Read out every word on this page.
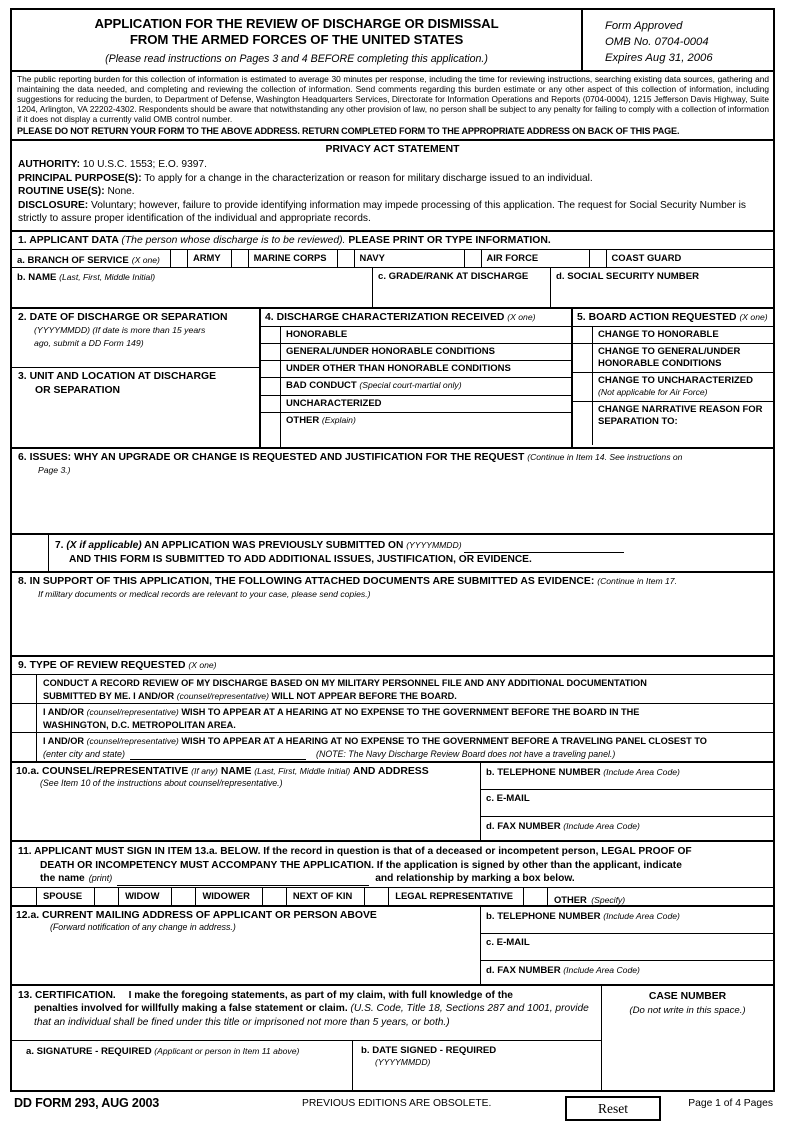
APPLICATION FOR THE REVIEW OF DISCHARGE OR DISMISSAL
FROM THE ARMED FORCES OF THE UNITED STATES
(Please read instructions on Pages 3 and 4 BEFORE completing this application.)
Form Approved
OMB No. 0704-0004
Expires Aug 31, 2006

The public reporting burden for this collection of information is estimated to average 30 minutes per response, including the time for reviewing instructions, searching existing data sources, gathering and maintaining the data needed, and completing and reviewing the collection of information. Send comments regarding this burden estimate or any other aspect of this collection of information, including suggestions for reducing the burden, to Department of Defense, Washington Headquarters Services, Directorate for Information Operations and Reports (0704-0004), 1215 Jefferson Davis Highway, Suite 1204, Arlington, VA 22202-4302. Respondents should be aware that notwithstanding any other provision of law, no person shall be subject to any penalty for failing to comply with a collection of information if it does not display a currently valid OMB control number.

PLEASE DO NOT RETURN YOUR FORM TO THE ABOVE ADDRESS. RETURN COMPLETED FORM TO THE APPROPRIATE ADDRESS ON BACK OF THIS PAGE.

PRIVACY ACT STATEMENT

AUTHORITY: 10 U.S.C. 1553; E.O. 9397.

PRINCIPAL PURPOSE(S): To apply for a change in the characterization or reason for military discharge issued to an individual.

ROUTINE USE(S): None.

DISCLOSURE: Voluntary; however, failure to provide identifying information may impede processing of this application. The request for Social Security Number is strictly to assure proper identification of the individual and appropriate records.

1. APPLICANT DATA (The person whose discharge is to be reviewed). PLEASE PRINT OR TYPE INFORMATION.
a. BRANCH OF SERVICE (X one)	ARMY	MARINE CORPS	NAVY	AIR FORCE	COAST GUARD
b. NAME (Last, First, Middle Initial)	c. GRADE/RANK AT DISCHARGE	d. SOCIAL SECURITY NUMBER
2. DATE OF DISCHARGE OR SEPARATION
(YYYYMMDD) (If date is more than 15 years
ago, submit a DD Form 149)
3. UNIT AND LOCATION AT DISCHARGE
OR SEPARATION
4. DISCHARGE CHARACTERIZATION RECEIVED (X one)
HONORABLE
GENERAL/UNDER HONORABLE CONDITIONS
UNDER OTHER THAN HONORABLE CONDITIONS
BAD CONDUCT (Special court-martial only)
UNCHARACTERIZED
OTHER (Explain)
5. BOARD ACTION REQUESTED (X one)
CHANGE TO HONORABLE
CHANGE TO GENERAL/UNDER
HONORABLE CONDITIONS
CHANGE TO UNCHARACTERIZED
(Not applicable for Air Force)
CHANGE NARRATIVE REASON FOR
SEPARATION TO:
6. ISSUES: WHY AN UPGRADE OR CHANGE IS REQUESTED AND JUSTIFICATION FOR THE REQUEST (Continue in Item 14. See instructions on
Page 3.)
7. (X if applicable) AN APPLICATION WAS PREVIOUSLY SUBMITTED ON (YYYYMMDD)
AND THIS FORM IS SUBMITTED TO ADD ADDITIONAL ISSUES, JUSTIFICATION, OR EVIDENCE.
8. IN SUPPORT OF THIS APPLICATION, THE FOLLOWING ATTACHED DOCUMENTS ARE SUBMITTED AS EVIDENCE: (Continue in Item 17.
If military documents or medical records are relevant to your case, please send copies.)
9. TYPE OF REVIEW REQUESTED (X one)
CONDUCT A RECORD REVIEW OF MY DISCHARGE BASED ON MY MILITARY PERSONNEL FILE AND ANY ADDITIONAL DOCUMENTATION
SUBMITTED BY ME. I AND/OR (counsel/representative) WILL NOT APPEAR BEFORE THE BOARD.
I AND/OR (counsel/representative) WISH TO APPEAR AT A HEARING AT NO EXPENSE TO THE GOVERNMENT BEFORE THE BOARD IN THE
WASHINGTON, D.C. METROPOLITAN AREA.
I AND/OR (counsel/representative) WISH TO APPEAR AT A HEARING AT NO EXPENSE TO THE GOVERNMENT BEFORE A TRAVELING PANEL CLOSEST TO
(enter city and state)	(NOTE: The Navy Discharge Review Board does not have a traveling panel.)
10.a. COUNSEL/REPRESENTATIVE (If any) NAME (Last, First, Middle Initial) AND ADDRESS
(See Item 10 of the instructions about counsel/representative.)
b. TELEPHONE NUMBER (Include Area Code)
c. E-MAIL
d. FAX NUMBER (Include Area Code)
11. APPLICANT MUST SIGN IN ITEM 13.a. BELOW. If the record in question is that of a deceased or incompetent person, LEGAL PROOF OF
DEATH OR INCOMPETENCY MUST ACCOMPANY THE APPLICATION. If the application is signed by other than the applicant, indicate
the name (print)	and relationship by marking a box below.
SPOUSE	WIDOW	WIDOWER	NEXT OF KIN	LEGAL REPRESENTATIVE	OTHER (Specify)
12.a. CURRENT MAILING ADDRESS OF APPLICANT OR PERSON ABOVE
(Forward notification of any change in address.)
b. TELEPHONE NUMBER (Include Area Code)
c. E-MAIL
d. FAX NUMBER (Include Area Code)
13. CERTIFICATION. I make the foregoing statements, as part of my claim, with full knowledge of the
penalties involved for willfully making a false statement or claim. (U.S. Code, Title 18, Sections 287 and 1001, provide that an individual shall be fined under this title or imprisoned not more than 5 years, or both.)
a. SIGNATURE - REQUIRED (Applicant or person in Item 11 above)	b. DATE SIGNED - REQUIRED
(YYYYMMDD)
CASE NUMBER
(Do not write in this space.)
DD FORM 293, AUG 2003	PREVIOUS EDITIONS ARE OBSOLETE.	Reset	Page 1 of 4 Pages
